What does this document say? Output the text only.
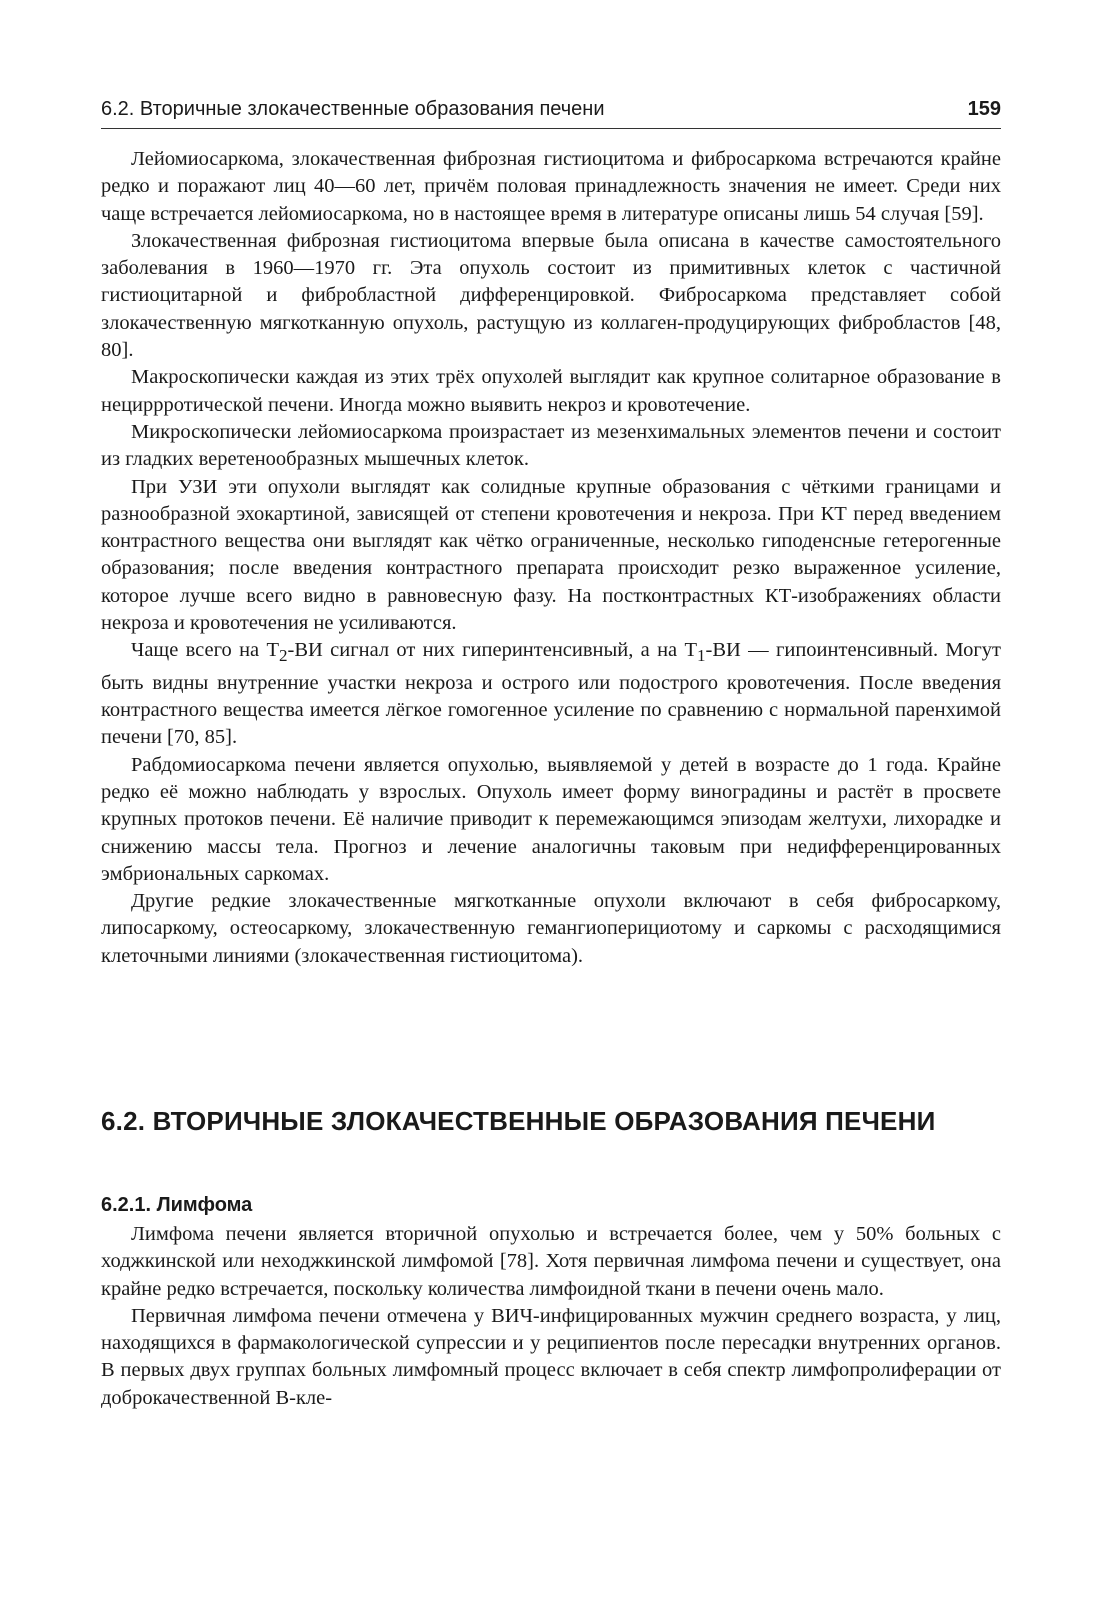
6.2. Вторичные злокачественные образования печени	159

Лейомиосаркома, злокачественная фиброзная гистиоцитома и фибросаркома встречаются крайне редко и поражают лиц 40—60 лет, причём половая принадлежность значения не имеет. Среди них чаще встречается лейомиосаркома, но в настоящее время в литературе описаны лишь 54 случая [59].

Злокачественная фиброзная гистиоцитома впервые была описана в качестве самостоятельного заболевания в 1960—1970 гг. Эта опухоль состоит из примитивных клеток с частичной гистиоцитарной и фибробластной дифференцировкой. Фибросаркома представляет собой злокачественную мягкотканную опухоль, растущую из коллаген-продуцирующих фибробластов [48, 80].

Макроскопически каждая из этих трёх опухолей выглядит как крупное солитарное образование в нециррротической печени. Иногда можно выявить некроз и кровотечение.

Микроскопически лейомиосаркома произрастает из мезенхимальных элементов печени и состоит из гладких веретенообразных мышечных клеток.

При УЗИ эти опухоли выглядят как солидные крупные образования с чёткими границами и разнообразной эхокартиной, зависящей от степени кровотечения и некроза. При КТ перед введением контрастного вещества они выглядят как чётко ограниченные, несколько гиподенсные гетерогенные образования; после введения контрастного препарата происходит резко выраженное усиление, которое лучше всего видно в равновесную фазу. На постконтрастных КТ-изображениях области некроза и кровотечения не усиливаются.

Чаще всего на $T_2-ВИ$ сигнал от них гиперинтенсивный, а на $T_1-ВИ$ — гипоинтенсивный. Могут быть видны внутренние участки некроза и острого или подострого кровотечения. После введения контрастного вещества имеется лёгкое гомогенное усиление по сравнению с нормальной паренхимой печени [70, 85].

Рабдомиосаркома печени является опухолью, выявляемой у детей в возрасте до 1 года. Крайне редко её можно наблюдать у взрослых. Опухоль имеет форму виноградины и растёт в просвете крупных протоков печени. Её наличие приводит к перемежающимся эпизодам желтухи, лихорадке и снижению массы тела. Прогноз и лечение аналогичны таковым при недифференцированных эмбриональных саркомах.

Другие редкие злокачественные мягкотканные опухоли включают в себя фибросаркому, липосаркому, остеосаркому, злокачественную гемангиоперициотому и саркомы с расходящимися клеточными линиями (злокачественная гистиоцитома).

6.2. ВТОРИЧНЫЕ ЗЛОКАЧЕСТВЕННЫЕ ОБРАЗОВАНИЯ ПЕЧЕНИ
6.2.1. Лимфома

Лимфома печени является вторичной опухолью и встречается более, чем у 50% больных с ходжкинской или неходжкинской лимфомой [78]. Хотя первичная лимфома печени и существует, она крайне редко встречается, поскольку количества лимфоидной ткани в печени очень мало.

Первичная лимфома печени отмечена у ВИЧ-инфицированных мужчин среднего возраста, у лиц, находящихся в фармакологической супрессии и у реципиентов после пересадки внутренних органов. В первых двух группах больных лимфомный процесс включает в себя спектр лимфопролиферации от доброкачественной В-кле-
